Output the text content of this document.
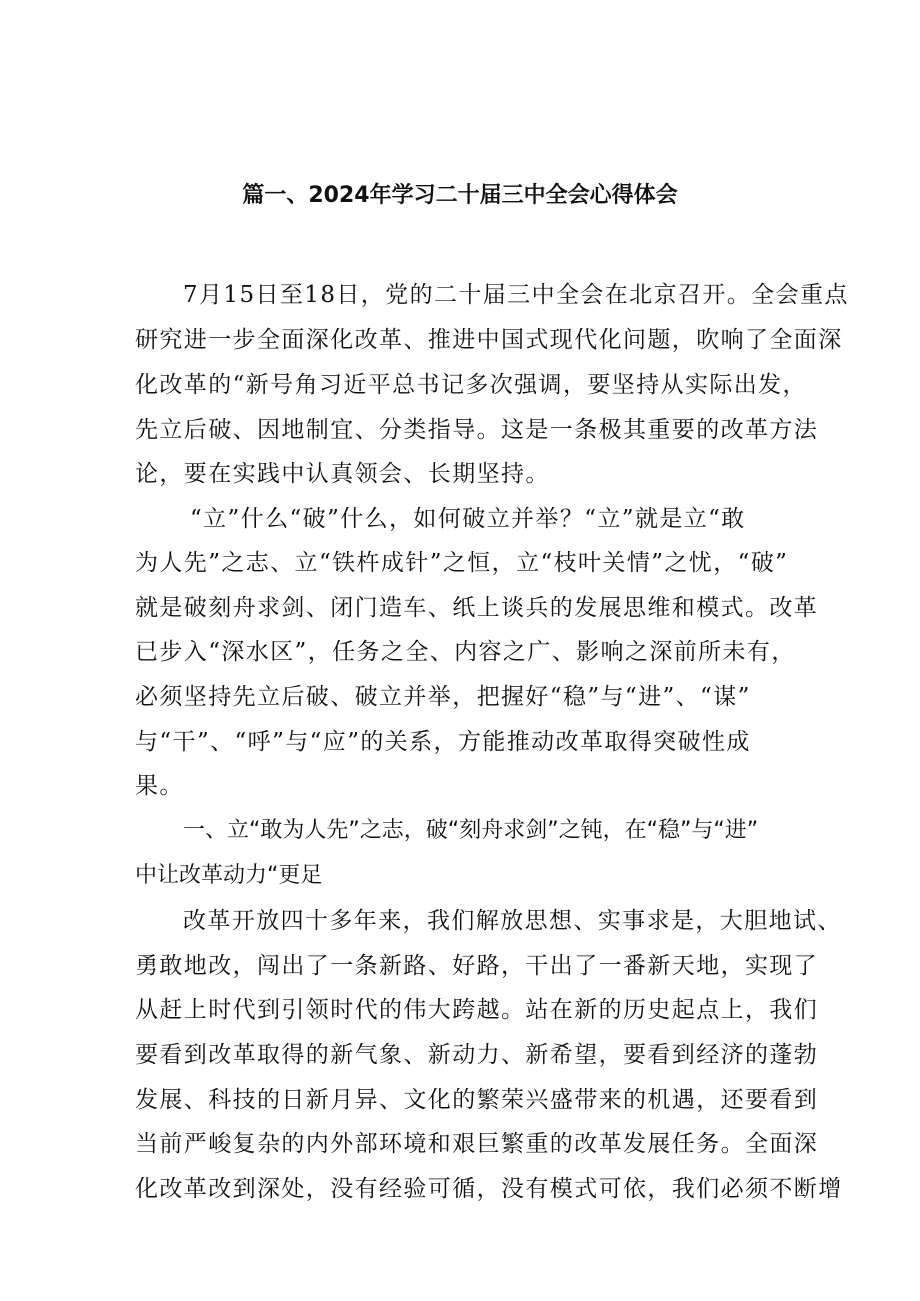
篇一、2024年学习二十届三中全会心得体会
7月15日至18日，党的二十届三中全会在北京召开。全会重点
研究进一步全面深化改革、推进中国式现代化问题，吹响了全面深
化改革的“新号角习近平总书记多次强调，要坚持从实际出发，
先立后破、因地制宜、分类指导。这是一条极其重要的改革方法
论，要在实践中认真领会、长期坚持。
“立”什么“破”什么，如何破立并举？“立”就是立“敢
为人先”之志、立“铁杵成针”之恒，立“枝叶关情”之忧，“破”
就是破刻舟求剑、闭门造车、纸上谈兵的发展思维和模式。改革
已步入“深水区”，任务之全、内容之广、影响之深前所未有，
必须坚持先立后破、破立并举，把握好“稳”与“进”、“谋”
与“干”、“呼”与“应”的关系，方能推动改革取得突破性成
果。
一、立“敢为人先”之志，破“刻舟求剑”之钝，在“稳”与“进”
中让改革动力“更足
改革开放四十多年来，我们解放思想、实事求是，大胆地试、
勇敢地改，闯出了一条新路、好路，干出了一番新天地，实现了
从赶上时代到引领时代的伟大跨越。站在新的历史起点上，我们
要看到改革取得的新气象、新动力、新希望，要看到经济的蓬勃
发展、科技的日新月异、文化的繁荣兴盛带来的机遇，还要看到
当前严峻复杂的内外部环境和艰巨繁重的改革发展任务。全面深
化改革改到深处，没有经验可循，没有模式可依，我们必须不断增
